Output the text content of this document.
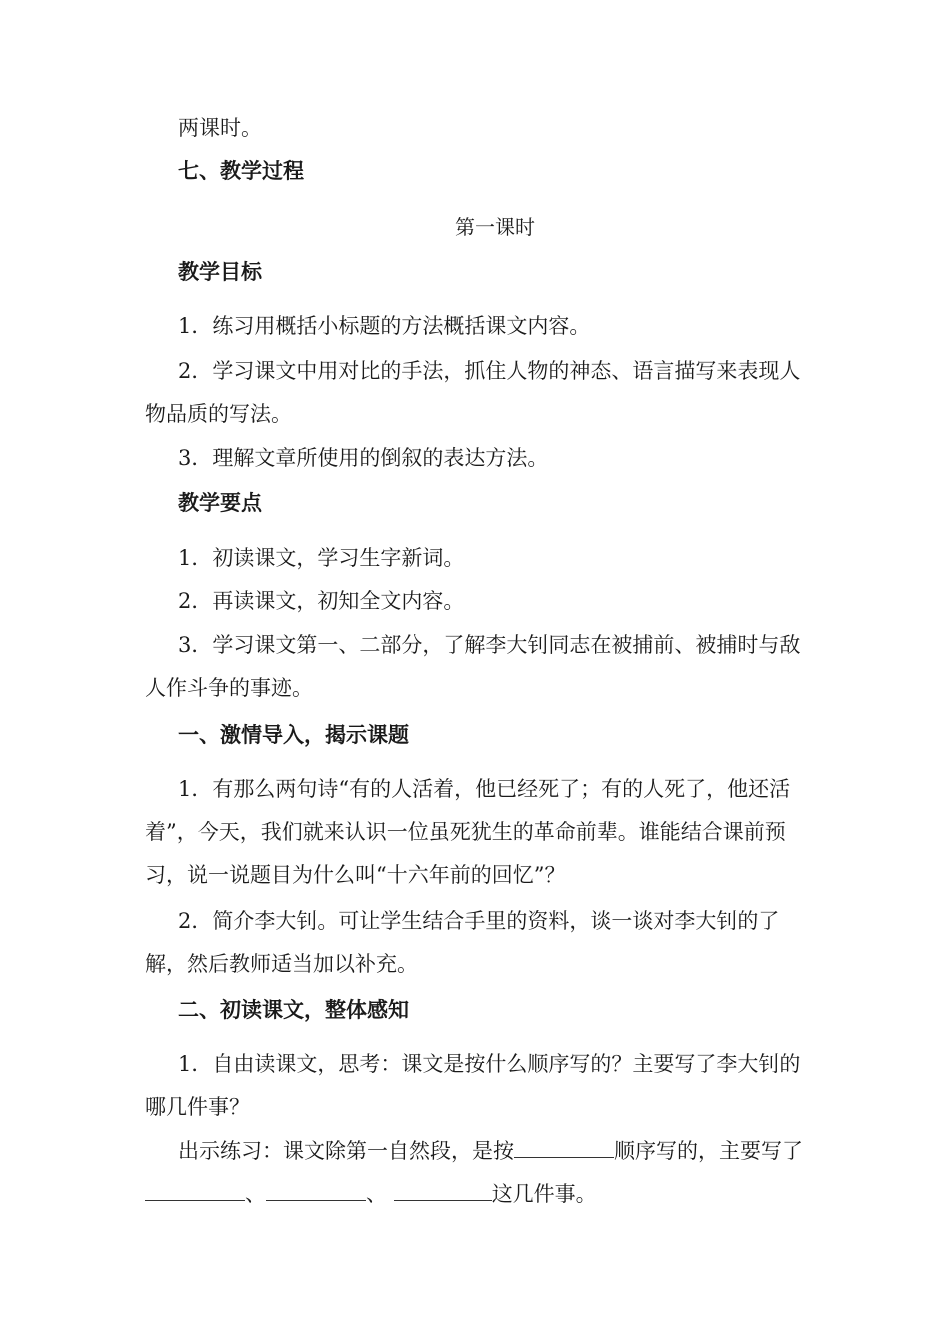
两课时。

七、教学过程
第一课时
教学目标

1．练习用概括小标题的方法概括课文内容。

2．学习课文中用对比的手法，抓住人物的神态、语言描写来表现人物品质的写法。

3．理解文章所使用的倒叙的表达方法。

教学要点

1．初读课文，学习生字新词。

2．再读课文，初知全文内容。

3．学习课文第一、二部分，了解李大钊同志在被捕前、被捕时与敌人作斗争的事迹。

一、激情导入，揭示课题

1．有那么两句诗“有的人活着，他已经死了；有的人死了，他还活着”，今天，我们就来认识一位虽死犹生的革命前辈。谁能结合课前预习，说一说题目为什么叫“十六年前的回忆”？

2．简介李大钊。可让学生结合手里的资料，谈一谈对李大钊的了解，然后教师适当加以补充。

二、初读课文，整体感知

1．自由读课文，思考：课文是按什么顺序写的？主要写了李大钊的哪几件事？

出示练习：课文除第一自然段，是按	顺序写的，主要写了、	、	这几件事。
